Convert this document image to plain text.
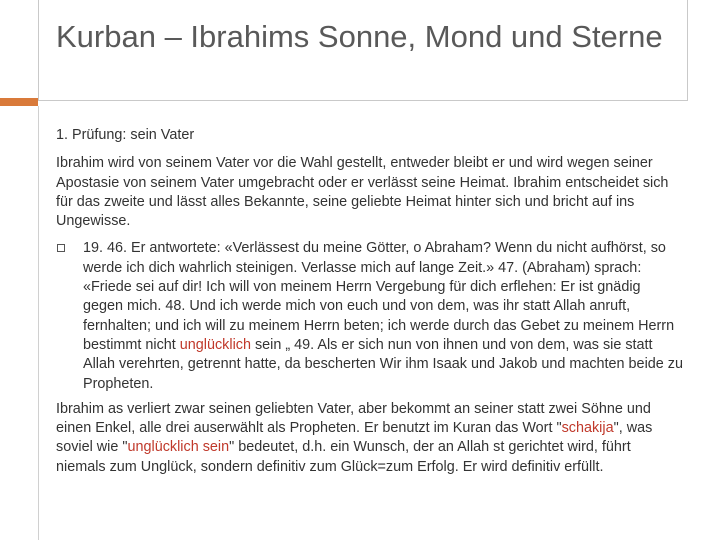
Kurban – Ibrahims Sonne, Mond und Sterne

1. Prüfung: sein Vater

Ibrahim wird von seinem Vater vor die Wahl gestellt, entweder bleibt er und wird wegen seiner Apostasie von seinem Vater umgebracht oder er verlässt seine Heimat. Ibrahim entscheidet sich für das zweite und lässt alles Bekannte, seine geliebte Heimat hinter sich und bricht auf ins Ungewisse.

19. 46. Er antwortete: «Verlässest du meine Götter, o Abraham? Wenn du nicht aufhörst, so werde ich dich wahrlich steinigen. Verlasse mich auf lange Zeit.» 47. (Abraham) sprach: «Friede sei auf dir! Ich will von meinem Herrn Vergebung für dich erflehen: Er ist gnädig gegen mich. 48. Und ich werde mich von euch und von dem, was ihr statt Allah anruft, fernhalten; und ich will zu meinem Herrn beten; ich werde durch das Gebet zu meinem Herrn bestimmt nicht unglücklich sein „ 49. Als er sich nun von ihnen und von dem, was sie statt Allah verehrten, getrennt hatte, da bescherten Wir ihm Isaak und Jakob und machten beide zu Propheten.

Ibrahim as verliert zwar seinen geliebten Vater, aber bekommt an seiner statt zwei Söhne und einen Enkel, alle drei auserwählt als Propheten. Er benutzt im Kuran das Wort "schakija", was soviel wie "unglücklich sein" bedeutet, d.h. ein Wunsch, der an Allah st gerichtet wird, führt niemals zum Unglück, sondern definitiv zum Glück=zum Erfolg. Er wird definitiv erfüllt.
